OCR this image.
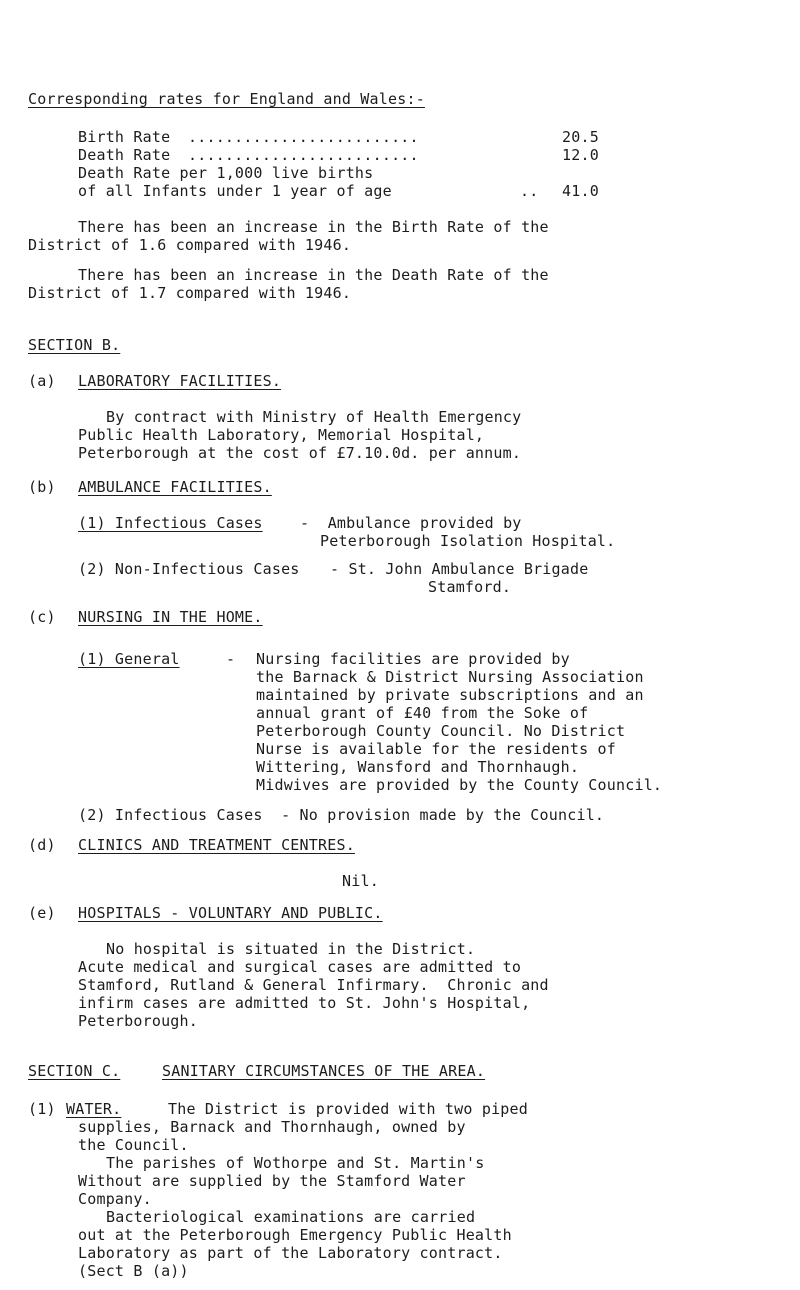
Corresponding rates for England and Wales:-
Birth Rate .........................	20.5
Death Rate .........................	12.0
Death Rate per 1,000 live births
of all Infants under 1 year of age	.. 41.0
There has been an increase in the Birth Rate of the
District of 1.6 compared with 1946.
There has been an increase in the Death Rate of the
District of 1.7 compared with 1946.
SECTION B.
(a) LABORATORY FACILITIES.
By contract with Ministry of Health Emergency
Public Health Laboratory, Memorial Hospital,
Peterborough at the cost of £7.10.0d. per annum.
(b) AMBULANCE FACILITIES.
(1) Infectious Cases -  Ambulance provided by
Peterborough Isolation Hospital.
(2) Non-Infectious Cases - St. John Ambulance Brigade
Stamford.
(c) NURSING IN THE HOME.
(1) General	- Nursing facilities are provided by
the Barnack & District Nursing Association
maintained by private subscriptions and an
annual grant of £40 from the Soke of
Peterborough County Council. No District
Nurse is available for the residents of
Wittering, Wansford and Thornhaugh.
Midwives are provided by the County Council.
(2) Infectious Cases  - No provision made by the Council.
(d) CLINICS AND TREATMENT CENTRES.
Nil.
(e) HOSPITALS - VOLUNTARY AND PUBLIC.
No hospital is situated in the District.
Acute medical and surgical cases are admitted to
Stamford, Rutland & General Infirmary.  Chronic and
infirm cases are admitted to St. John's Hospital,
Peterborough.
SECTION C.	SANITARY CIRCUMSTANCES OF THE AREA.
(1) WATER.	The District is provided with two piped
supplies, Barnack and Thornhaugh, owned by
the Council.
The parishes of Wothorpe and St. Martin's
Without are supplied by the Stamford Water
Company.
Bacteriological examinations are carried
out at the Peterborough Emergency Public Health
Laboratory as part of the Laboratory contract.
(Sect B (a))
